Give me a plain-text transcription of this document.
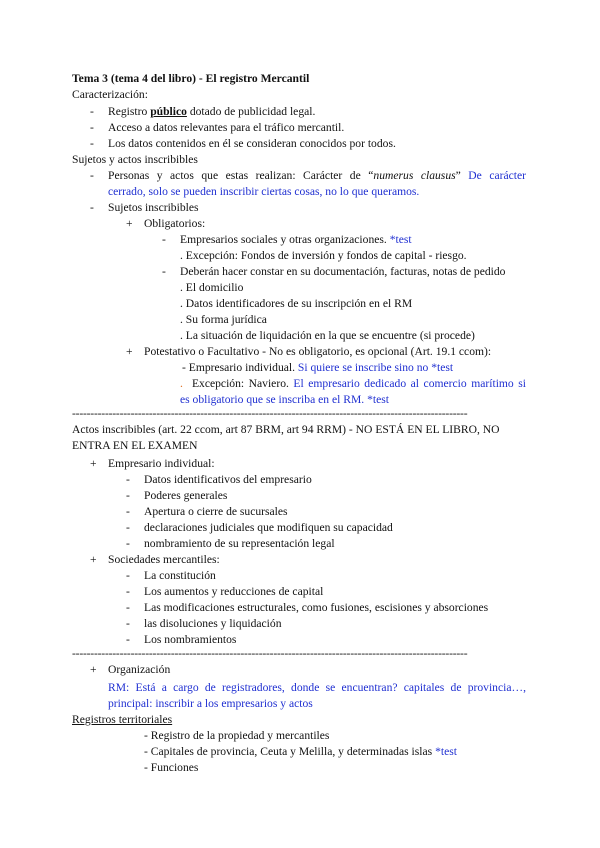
Tema 3 (tema 4 del libro) - El registro Mercantil
Caracterización:
- Registro público dotado de publicidad legal.
- Acceso a datos relevantes para el tráfico mercantil.
- Los datos contenidos en él se consideran conocidos por todos.
Sujetos y actos inscribibles
- Personas y actos que estas realizan: Carácter de “numerus clausus” De carácter
cerrado, solo se pueden inscribir ciertas cosas, no lo que queramos.
- Sujetos inscribibles
+ Obligatorios:
- Empresarios sociales y otras organizaciones. *test
. Excepción: Fondos de inversión y fondos de capital - riesgo.
- Deberán hacer constar en su documentación, facturas, notas de pedido
. El domicilio
. Datos identificadores de su inscripción en el RM
. Su forma jurídica
. La situación de liquidación en la que se encuentre (si procede)
+ Potestativo o Facultativo - No es obligatorio, es opcional (Art. 19.1 ccom):
- Empresario individual. Si quiere se inscribe sino no *test
. Excepción: Naviero. El empresario dedicado al comercio marítimo si
es obligatorio que se inscriba en el RM. *test
------------------------------------------------------------------------------------------------------------
Actos inscribibles (art. 22 ccom, art 87 BRM, art 94 RRM) - NO ESTÁ EN EL LIBRO, NO
ENTRA EN EL EXAMEN
+ Empresario individual:
- Datos identificativos del empresario
- Poderes generales
- Apertura o cierre de sucursales
- declaraciones judiciales que modifiquen su capacidad
- nombramiento de su representación legal
+ Sociedades mercantiles:
- La constitución
- Los aumentos y reducciones de capital
- Las modificaciones estructurales, como fusiones, escisiones y absorciones
- las disoluciones y liquidación
- Los nombramientos
------------------------------------------------------------------------------------------------------------
+ Organización
RM: Está a cargo de registradores, donde se encuentran? capitales de provincia…,
principal: inscribir a los empresarios y actos
Registros territoriales
- Registro de la propiedad y mercantiles
- Capitales de provincia, Ceuta y Melilla, y determinadas islas *test
- Funciones
